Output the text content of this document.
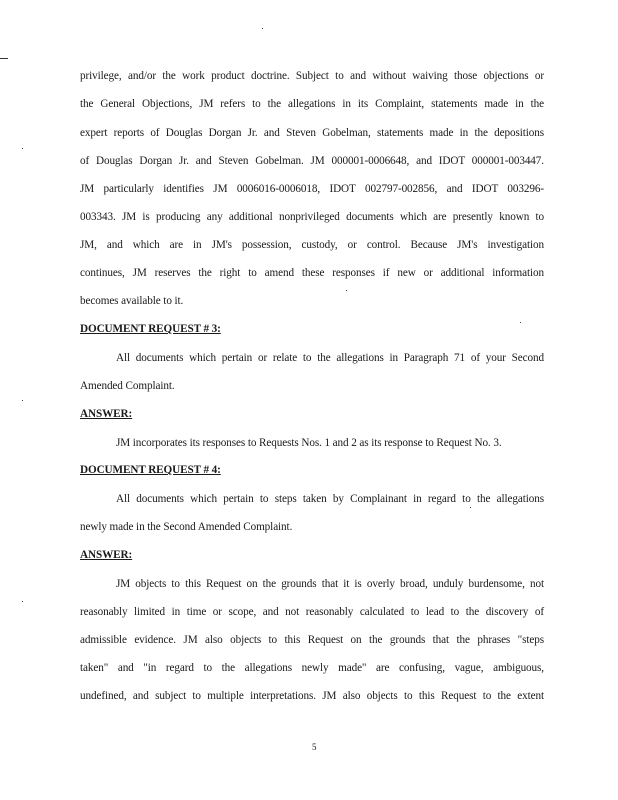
privilege, and/or the work product doctrine. Subject to and without waiving those objections or
the General Objections, JM refers to the allegations in its Complaint, statements made in the
expert reports of Douglas Dorgan Jr. and Steven Gobelman, statements made in the depositions
of Douglas Dorgan Jr. and Steven Gobelman. JM 000001-0006648, and IDOT 000001-003447.
JM particularly identifies JM 0006016-0006018, IDOT 002797-002856, and IDOT 003296-
003343. JM is producing any additional nonprivileged documents which are presently known to
JM, and which are in JM's possession, custody, or control. Because JM's investigation
continues, JM reserves the right to amend these responses if new or additional information
becomes available to it.
DOCUMENT REQUEST # 3:
All documents which pertain or relate to the allegations in Paragraph 71 of your Second
Amended Complaint.
ANSWER:
JM incorporates its responses to Requests Nos. 1 and 2 as its response to Request No. 3.
DOCUMENT REQUEST # 4:
All documents which pertain to steps taken by Complainant in regard to the allegations
newly made in the Second Amended Complaint.
ANSWER:
JM objects to this Request on the grounds that it is overly broad, unduly burdensome, not
reasonably limited in time or scope, and not reasonably calculated to lead to the discovery of
admissible evidence. JM also objects to this Request on the grounds that the phrases "steps
taken" and "in regard to the allegations newly made" are confusing, vague, ambiguous,
undefined, and subject to multiple interpretations. JM also objects to this Request to the extent
5
